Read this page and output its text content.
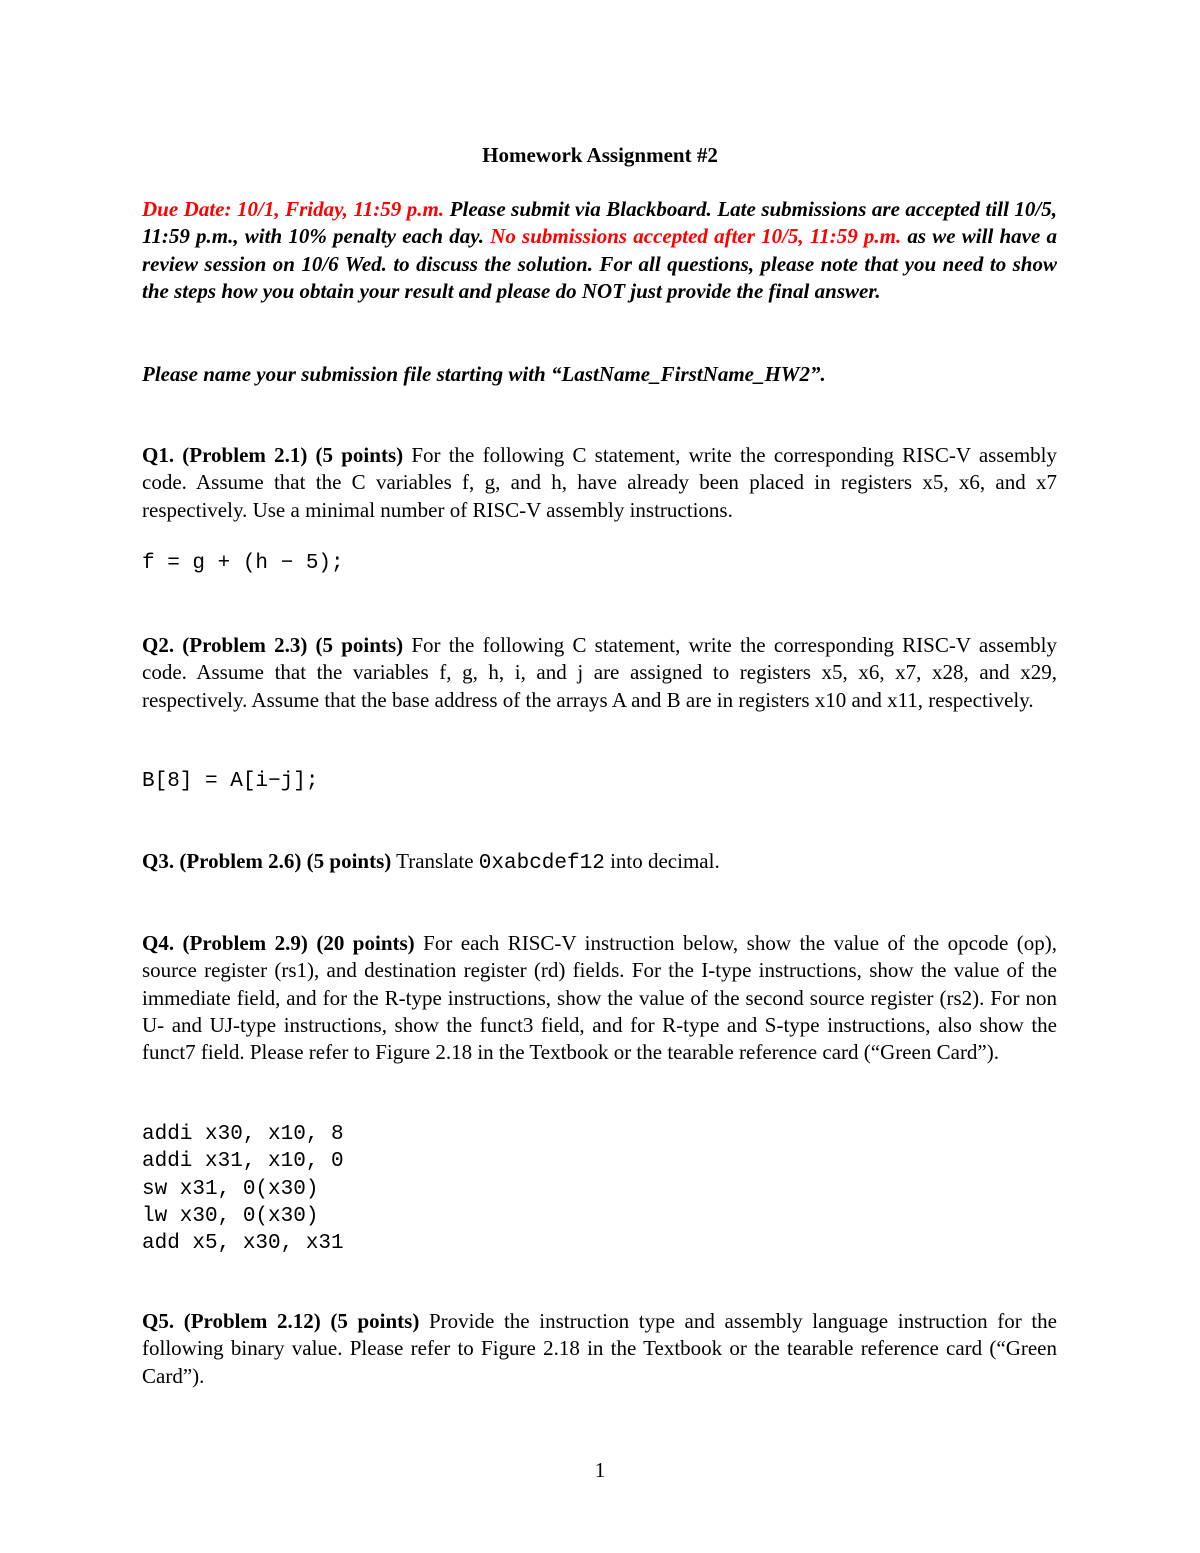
Homework Assignment #2
Due Date: 10/1, Friday, 11:59 p.m. Please submit via Blackboard. Late submissions are accepted till 10/5, 11:59 p.m., with 10% penalty each day. No submissions accepted after 10/5, 11:59 p.m. as we will have a review session on 10/6 Wed. to discuss the solution. For all questions, please note that you need to show the steps how you obtain your result and please do NOT just provide the final answer.
Please name your submission file starting with “LastName_FirstName_HW2”.
Q1. (Problem 2.1) (5 points) For the following C statement, write the corresponding RISC-V assembly code. Assume that the C variables f, g, and h, have already been placed in registers x5, x6, and x7 respectively. Use a minimal number of RISC-V assembly instructions.
f = g + (h − 5);
Q2. (Problem 2.3) (5 points) For the following C statement, write the corresponding RISC-V assembly code. Assume that the variables f, g, h, i, and j are assigned to registers x5, x6, x7, x28, and x29, respectively. Assume that the base address of the arrays A and B are in registers x10 and x11, respectively.
B[8] = A[i−j];
Q3. (Problem 2.6) (5 points) Translate 0xabcdef12 into decimal.
Q4. (Problem 2.9) (20 points) For each RISC-V instruction below, show the value of the opcode (op), source register (rs1), and destination register (rd) fields. For the I-type instructions, show the value of the immediate field, and for the R-type instructions, show the value of the second source register (rs2). For non U- and UJ-type instructions, show the funct3 field, and for R-type and S-type instructions, also show the funct7 field. Please refer to Figure 2.18 in the Textbook or the tearable reference card (“Green Card”).
addi x30, x10, 8
addi x31, x10, 0
sw x31, 0(x30)
lw x30, 0(x30)
add x5, x30, x31
Q5. (Problem 2.12) (5 points) Provide the instruction type and assembly language instruction for the following binary value. Please refer to Figure 2.18 in the Textbook or the tearable reference card (“Green Card”).
1
